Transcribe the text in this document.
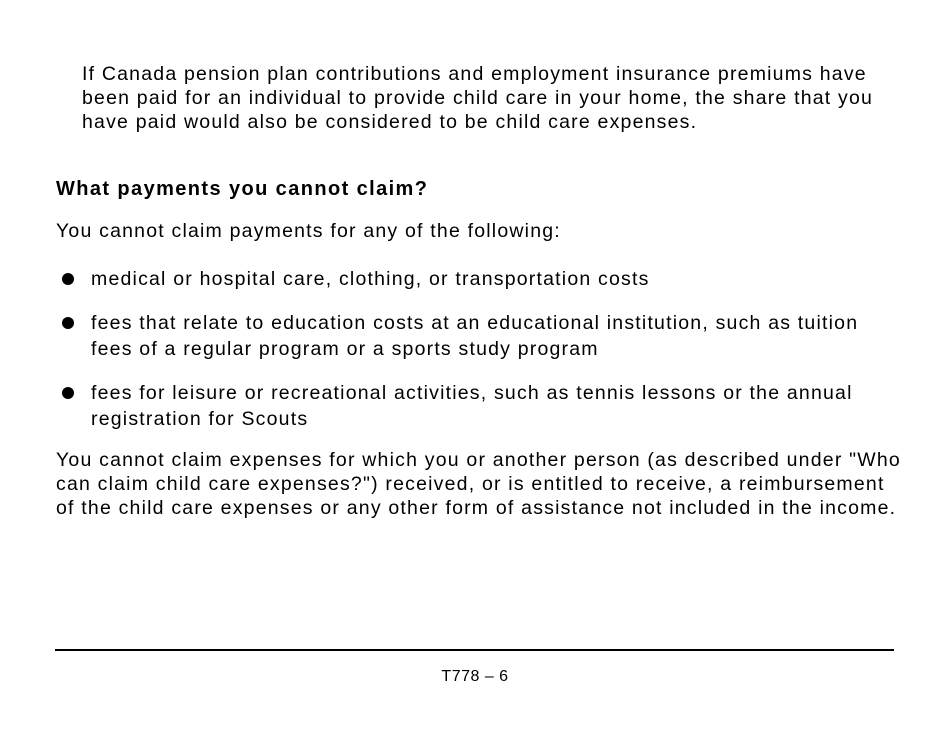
If Canada pension plan contributions and employment insurance premiums have been paid for an individual to provide child care in your home, the share that you have paid would also be considered to be child care expenses.

What payments you cannot claim?

You cannot claim payments for any of the following:

medical or hospital care, clothing, or transportation costs
fees that relate to education costs at an educational institution, such as tuition fees of a regular program or a sports study program
fees for leisure or recreational activities, such as tennis lessons or the annual registration for Scouts

You cannot claim expenses for which you or another person (as described under "Who can claim child care expenses?") received, or is entitled to receive, a reimbursement of the child care expenses or any other form of assistance not included in the income.

T778 – 6
